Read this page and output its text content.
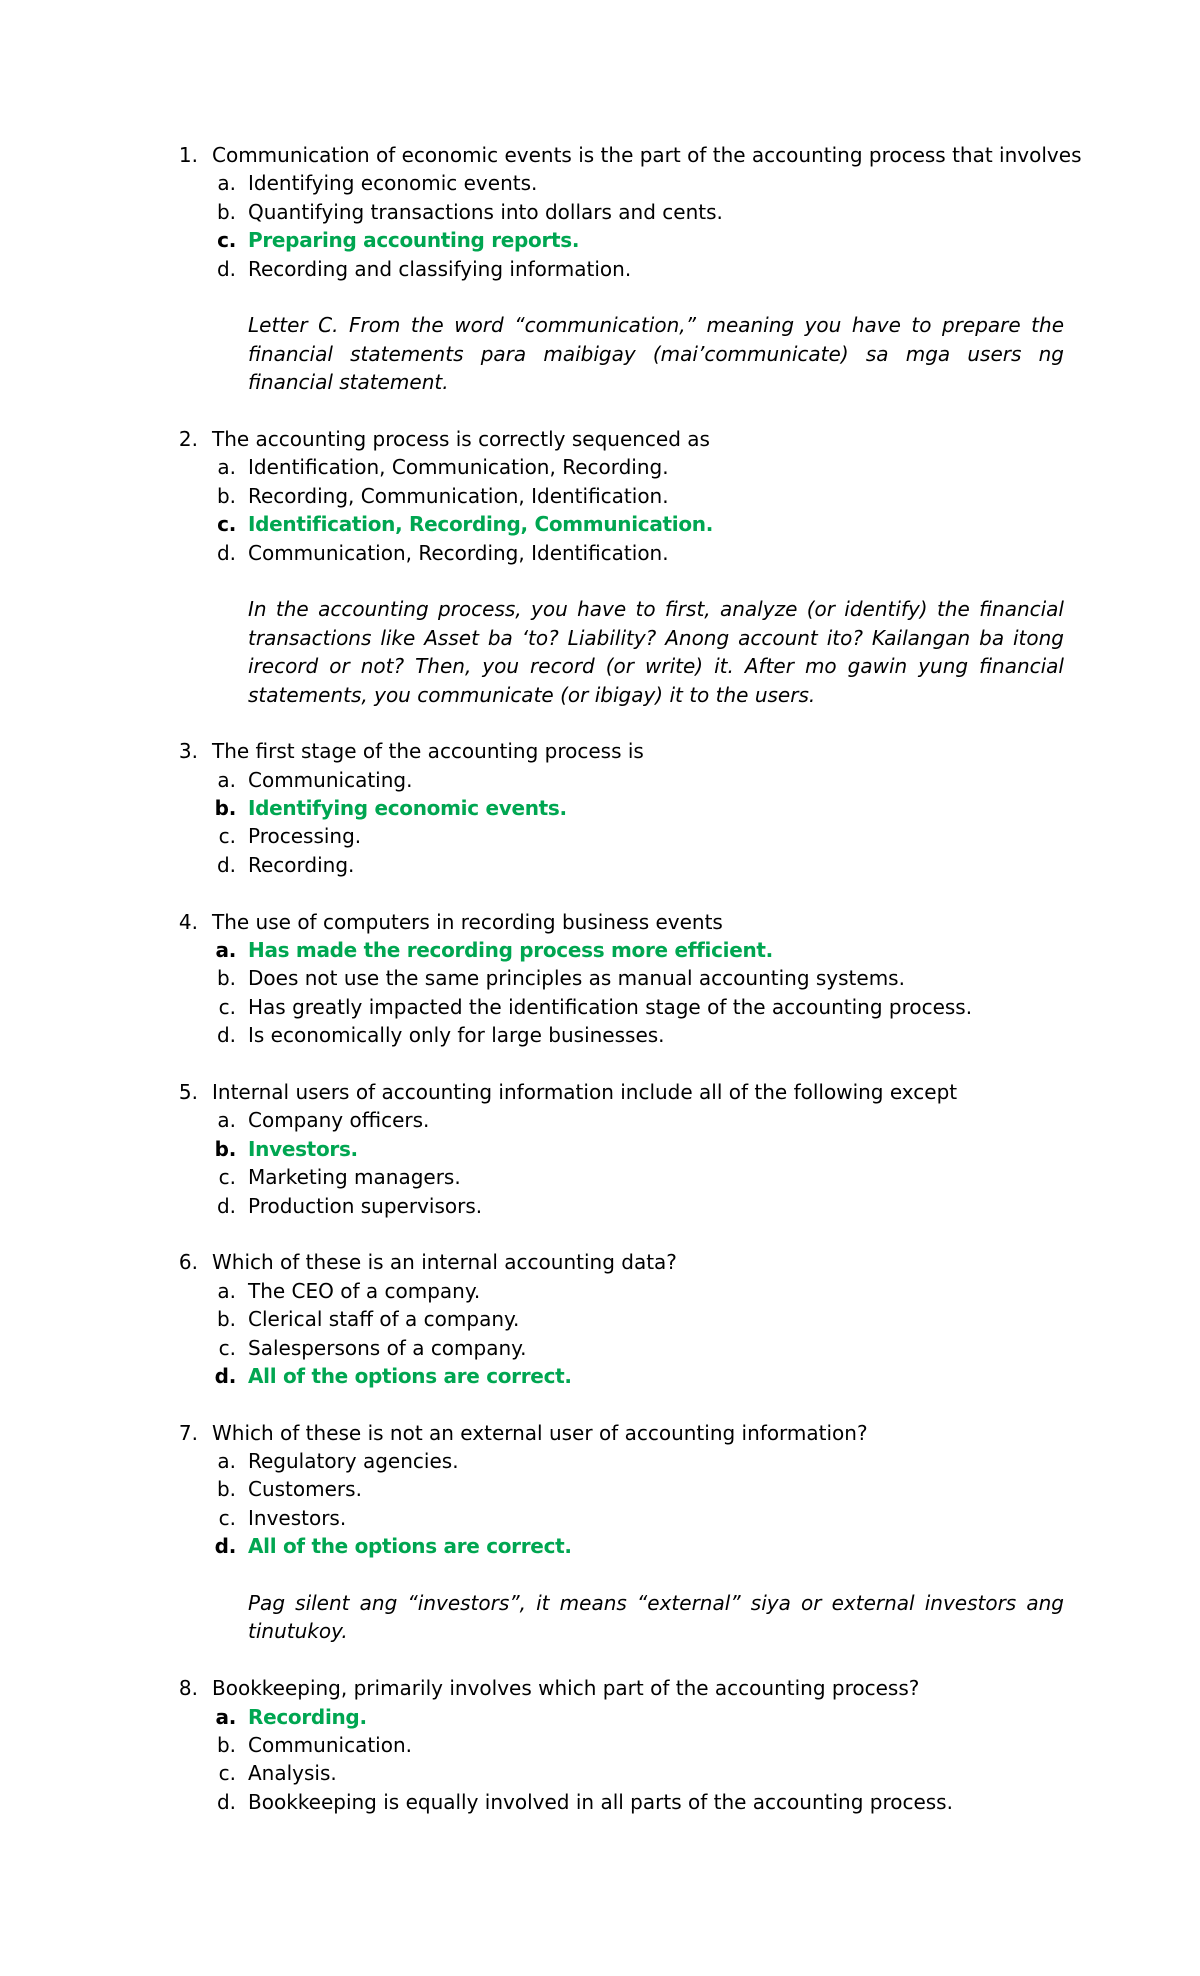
1. Communication of economic events is the part of the accounting process that involves
a. Identifying economic events.
b. Quantifying transactions into dollars and cents.
c. Preparing accounting reports.
d. Recording and classifying information.
Letter C. From the word “communication,” meaning you have to prepare the financial statements para maibigay (mai’communicate) sa mga users ng financial statement.
2. The accounting process is correctly sequenced as
a. Identification, Communication, Recording.
b. Recording, Communication, Identification.
c. Identification, Recording, Communication.
d. Communication, Recording, Identification.
In the accounting process, you have to first, analyze (or identify) the financial transactions like Asset ba ‘to? Liability? Anong account ito? Kailangan ba itong irecord or not? Then, you record (or write) it. After mo gawin yung financial statements, you communicate (or ibigay) it to the users.
3. The first stage of the accounting process is
a. Communicating.
b. Identifying economic events.
c. Processing.
d. Recording.
4. The use of computers in recording business events
a. Has made the recording process more efficient.
b. Does not use the same principles as manual accounting systems.
c. Has greatly impacted the identification stage of the accounting process.
d. Is economically only for large businesses.
5. Internal users of accounting information include all of the following except
a. Company officers.
b. Investors.
c. Marketing managers.
d. Production supervisors.
6. Which of these is an internal accounting data?
a. The CEO of a company.
b. Clerical staff of a company.
c. Salespersons of a company.
d. All of the options are correct.
7. Which of these is not an external user of accounting information?
a. Regulatory agencies.
b. Customers.
c. Investors.
d. All of the options are correct.
Pag silent ang “investors”, it means “external” siya or external investors ang tinutukoy.
8. Bookkeeping, primarily involves which part of the accounting process?
a. Recording.
b. Communication.
c. Analysis.
d. Bookkeeping is equally involved in all parts of the accounting process.
